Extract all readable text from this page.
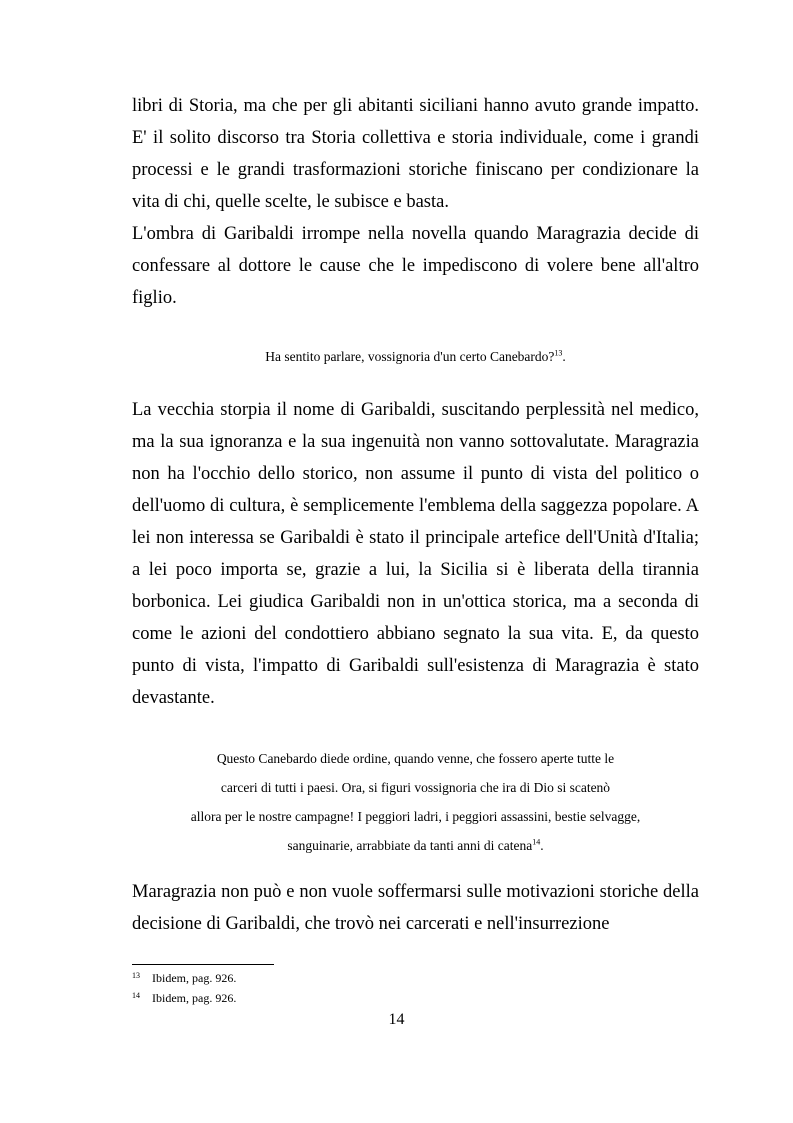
libri di Storia, ma che per gli abitanti siciliani hanno avuto grande impatto. E' il solito discorso tra Storia collettiva e storia individuale, come i grandi processi e le grandi trasformazioni storiche finiscano per condizionare la vita di chi, quelle scelte, le subisce e basta.

L'ombra di Garibaldi irrompe nella novella quando Maragrazia decide di confessare al dottore le cause che le impediscono di volere bene all'altro figlio.

Ha sentito parlare, vossignoria d'un certo Canebardo?$^{13}$.

La vecchia storpia il nome di Garibaldi, suscitando perplessità nel medico, ma la sua ignoranza e la sua ingenuità non vanno sottovalutate. Maragrazia non ha l'occhio dello storico, non assume il punto di vista del politico o dell'uomo di cultura, è semplicemente l'emblema della saggezza popolare. A lei non interessa se Garibaldi è stato il principale artefice dell'Unità d'Italia; a lei poco importa se, grazie a lui, la Sicilia si è liberata della tirannia borbonica. Lei giudica Garibaldi non in un'ottica storica, ma a seconda di come le azioni del condottiero abbiano segnato la sua vita. E, da questo punto di vista, l'impatto di Garibaldi sull'esistenza di Maragrazia è stato devastante.

Questo Canebardo diede ordine, quando venne, che fossero aperte tutte le
carceri di tutti i paesi. Ora, si figuri vossignoria che ira di Dio si scatenò
allora per le nostre campagne! I peggiori ladri, i peggiori assassini, bestie selvagge,
sanguinarie, arrabbiate da tanti anni di catena$^{14}$.

Maragrazia non può e non vuole soffermarsi sulle motivazioni storiche della decisione di Garibaldi, che trovò nei carcerati e nell'insurrezione

13 Ibidem, pag. 926.
14 Ibidem, pag. 926.
14
